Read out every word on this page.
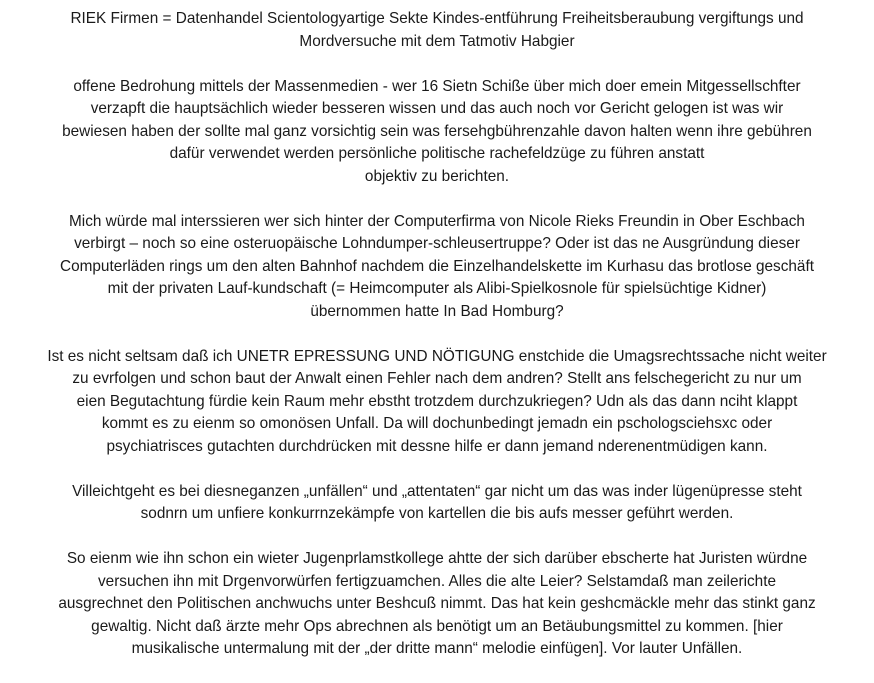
RIEK Firmen = Datenhandel Scientologyartige Sekte Kindes-entführung Freiheitsberaubung vergiftungs und
Mordversuche mit dem Tatmotiv Habgier

offene Bedrohung mittels der Massenmedien - wer 16 Sietn Schiße über mich doer emein Mitgessellschfter
verzapft die hauptsächlich wieder besseren wissen und das auch noch vor Gericht gelogen ist was wir
bewiesen haben der sollte mal ganz vorsichtig sein was fersehgbührenzahle davon halten wenn ihre gebühren
dafür verwendet werden persönliche politische rachefeldzüge zu führen anstatt
objektiv zu berichten.

Mich würde mal interssieren wer sich hinter der Computerfirma von Nicole Rieks Freundin in Ober Eschbach
verbirgt – noch so eine osteruopäische Lohndumper-schleusertruppe? Oder ist das ne Ausgründung dieser
Computerläden rings um den alten Bahnhof nachdem die Einzelhandelskette im Kurhasu das brotlose geschäft
mit der privaten Lauf-kundschaft (= Heimcomputer als Alibi-Spielkosnole für spielsüchtige Kidner)
übernommen hatte In Bad Homburg?

Ist es nicht seltsam daß ich UNETR EPRESSUNG UND NÖTIGUNG enstchide die Umagsrechtssache nicht weiter
zu evrfolgen und schon baut der Anwalt einen Fehler nach dem andren? Stellt ans felschegericht zu nur um
eien Begutachtung fürdie kein Raum mehr ebstht trotzdem durchzukriegen? Udn als das dann nciht klappt
kommt es zu eienm so omonösen Unfall. Da will dochunbedingt jemadn ein pschologsciehsxc oder
psychiatrisces gutachten durchdrücken mit dessne hilfe er dann jemand nderenentmüdigen kann.

Villeichtgeht es bei diesneganzen „unfällen“ und „attentaten“ gar nicht um das was inder lügenüpresse steht
sodnrn um unfiere konkurrnzekämpfe von kartellen die bis aufs messer geführt werden.

So eienm wie ihn schon ein wieter Jugenprlamstkollege ahtte der sich darüber ebscherte hat Juristen würdne
versuchen ihn mit Drgenvorwürfen fertigzuamchen. Alles die alte Leier? Selstamdaß man zeilerichte
ausgrechnet den Politischen anchwuchs unter Beshcuß nimmt. Das hat kein geshcmäckle mehr das stinkt ganz
gewaltig. Nicht daß ärzte mehr Ops abrechnen als benötigt um an Betäubungsmittel zu kommen. [hier
musikalische untermalung mit der „der dritte mann“ melodie einfügen]. Vor lauter Unfällen.
